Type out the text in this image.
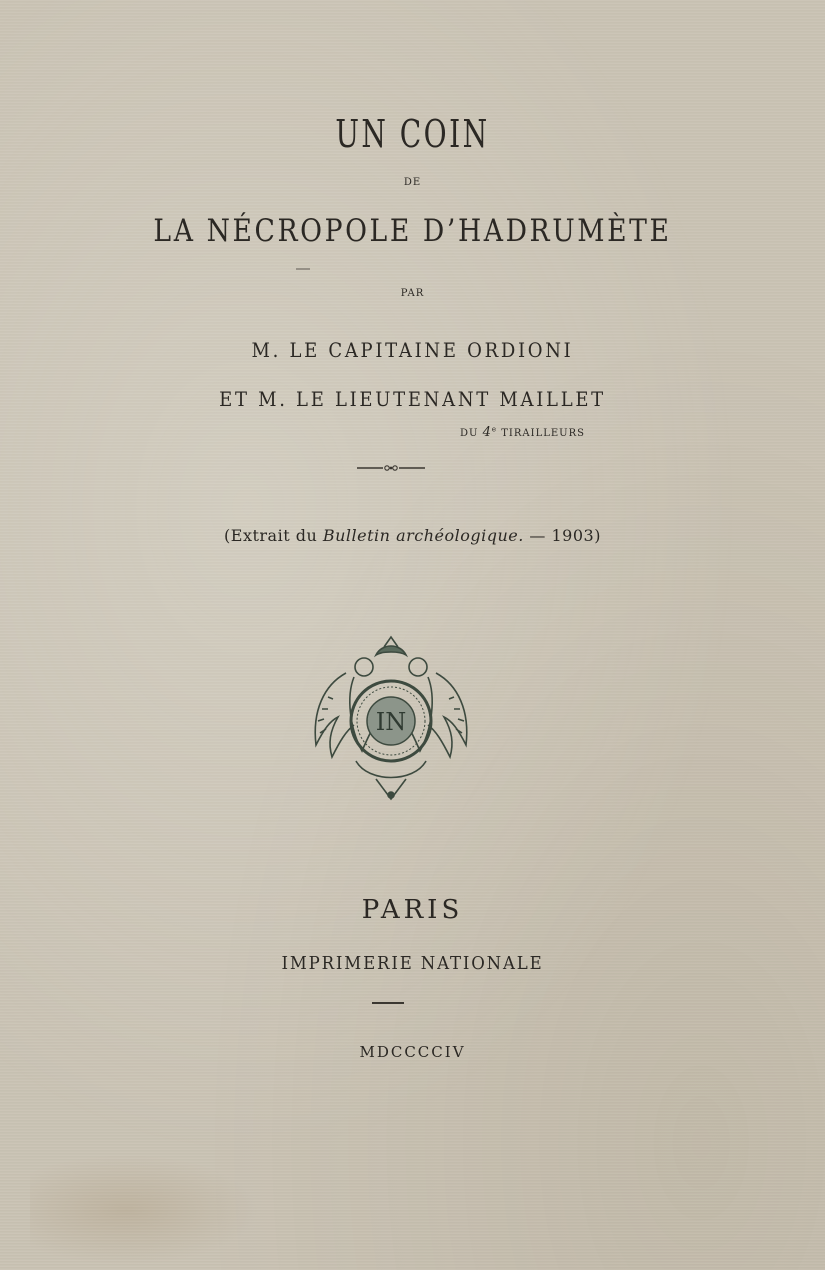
UN COIN
DE
LA NÉCROPOLE D’HADRUMÈTE
PAR
M. LE CAPITAINE ORDIONI
ET M. LE LIEUTENANT MAILLET
DU 4e TIRAILLEURS
(Extrait du Bulletin archéologique. — 1903)
IN
PARIS
IMPRIMERIE NATIONALE
MDCCCCIV
